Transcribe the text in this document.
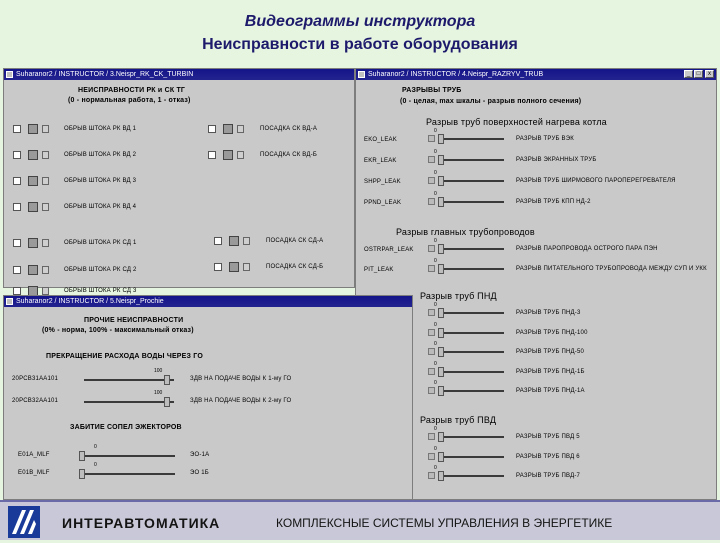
Видеограммы инструктора
Неисправности в работе оборудования
Suharanor2 / INSTRUCTOR / 3.Neispr_RK_CK_TURBIN
НЕИСПРАВНОСТИ РК и СК ТГ
(0 - нормальная работа, 1 - отказ)
ОБРЫВ ШТОКА РК ВД 1
ОБРЫВ ШТОКА РК ВД 2
ОБРЫВ ШТОКА РК ВД 3
ОБРЫВ ШТОКА РК ВД 4
ОБРЫВ ШТОКА РК СД 1
ОБРЫВ ШТОКА РК СД 2
ОБРЫВ ШТОКА РК СД 3
ПОСАДКА СК ВД-А
ПОСАДКА СК ВД-Б
ПОСАДКА СК СД-А
ПОСАДКА СК СД-Б
Suharanor2 / INSTRUCTOR / 4.Neispr_RAZRYV_TRUB	_	□	x
РАЗРЫВЫ ТРУБ
(0 - целая, max шкалы - разрыв полного сечения)
Разрыв труб поверхностей нагрева котла
EKO_LEAK
0
РАЗРЫВ ТРУБ ВЭК
EKR_LEAK
0
РАЗРЫВ ЭКРАННЫХ ТРУБ
SHPP_LEAK
0
РАЗРЫВ ТРУБ ШИРМОВОГО ПАРОПЕРЕГРЕВАТЕЛЯ
PPND_LEAK
0
РАЗРЫВ ТРУБ КПП НД-2
Разрыв главных трубопроводов
OSTRPAR_LEAK
0
РАЗРЫВ ПАРОПРОВОДА ОСТРОГО ПАРА ПЭН
PIT_LEAK
0
РАЗРЫВ ПИТАТЕЛЬНОГО ТРУБОПРОВОДА МЕЖДУ СУП И УКК
Разрыв труб ПНД
0
РАЗРЫВ ТРУБ ПНД-3
0
РАЗРЫВ ТРУБ ПНД-100
0
РАЗРЫВ ТРУБ ПНД-50
0
РАЗРЫВ ТРУБ ПНД-1Б
0
РАЗРЫВ ТРУБ ПНД-1А
Разрыв труб ПВД
0
РАЗРЫВ ТРУБ ПВД 5
0
РАЗРЫВ ТРУБ ПВД 6
0
РАЗРЫВ ТРУБ ПВД-7
Suharanor2 / INSTRUCTOR / 5.Neispr_Prochie
ПРОЧИЕ НЕИСПРАВНОСТИ
(0% - норма, 100% - максимальный отказ)
ПРЕКРАЩЕНИЕ РАСХОДА ВОДЫ ЧЕРЕЗ ГО
ЗАБИТИЕ СОПЕЛ ЭЖЕКТОРОВ
20PCB31AA101
100
ЗДВ НА ПОДАЧЕ ВОДЫ К 1-му ГО
20PCB32AA101
100
ЗДВ НА ПОДАЧЕ ВОДЫ К 2-му ГО
E01A_MLF
0
ЭО-1А
E01B_MLF
0
ЭО 1Б
ИНТЕРАВТОМАТИКА	КОМПЛЕКСНЫЕ СИСТЕМЫ УПРАВЛЕНИЯ В ЭНЕРГЕТИКЕ
